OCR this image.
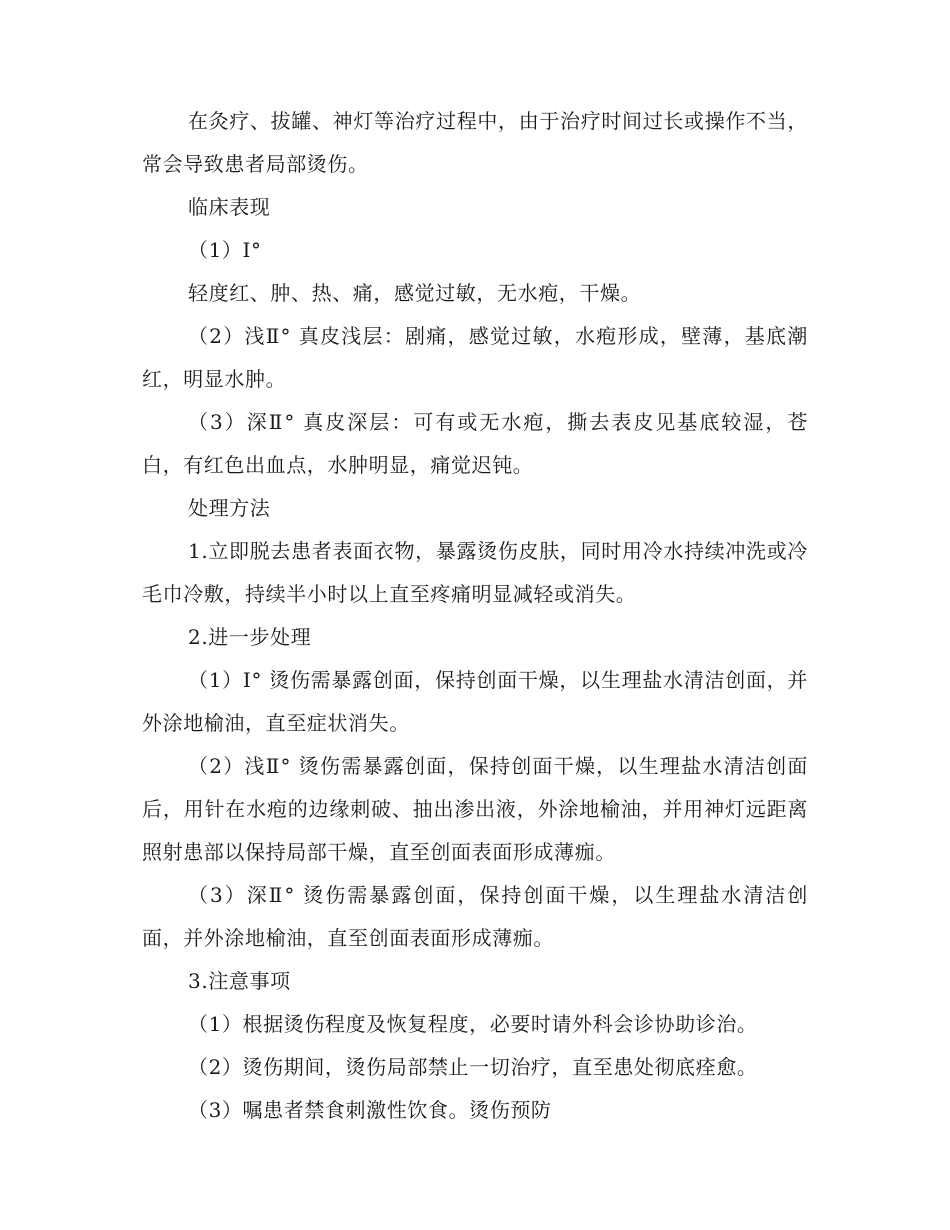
在灸疗、拔罐、神灯等治疗过程中，由于治疗时间过长或操作不当，常会导致患者局部烫伤。

临床表现

（1）Ⅰ°

轻度红、肿、热、痛，感觉过敏，无水疱，干燥。

（2）浅Ⅱ° 真皮浅层：剧痛，感觉过敏，水疱形成，壁薄，基底潮红，明显水肿。

（3）深Ⅱ° 真皮深层：可有或无水疱，撕去表皮见基底较湿，苍白，有红色出血点，水肿明显，痛觉迟钝。

处理方法

1.立即脱去患者表面衣物，暴露烫伤皮肤，同时用冷水持续冲洗或冷毛巾冷敷，持续半小时以上直至疼痛明显减轻或消失。

2.进一步处理

（1）Ⅰ° 烫伤需暴露创面，保持创面干燥，以生理盐水清洁创面，并外涂地榆油，直至症状消失。

（2）浅Ⅱ° 烫伤需暴露创面，保持创面干燥，以生理盐水清洁创面后，用针在水疱的边缘刺破、抽出渗出液，外涂地榆油，并用神灯远距离照射患部以保持局部干燥，直至创面表面形成薄痂。

（3）深Ⅱ° 烫伤需暴露创面，保持创面干燥，以生理盐水清洁创面，并外涂地榆油，直至创面表面形成薄痂。

3.注意事项

（1）根据烫伤程度及恢复程度，必要时请外科会诊协助诊治。

（2）烫伤期间，烫伤局部禁止一切治疗，直至患处彻底痊愈。

（3）嘱患者禁食刺激性饮食。烫伤预防
